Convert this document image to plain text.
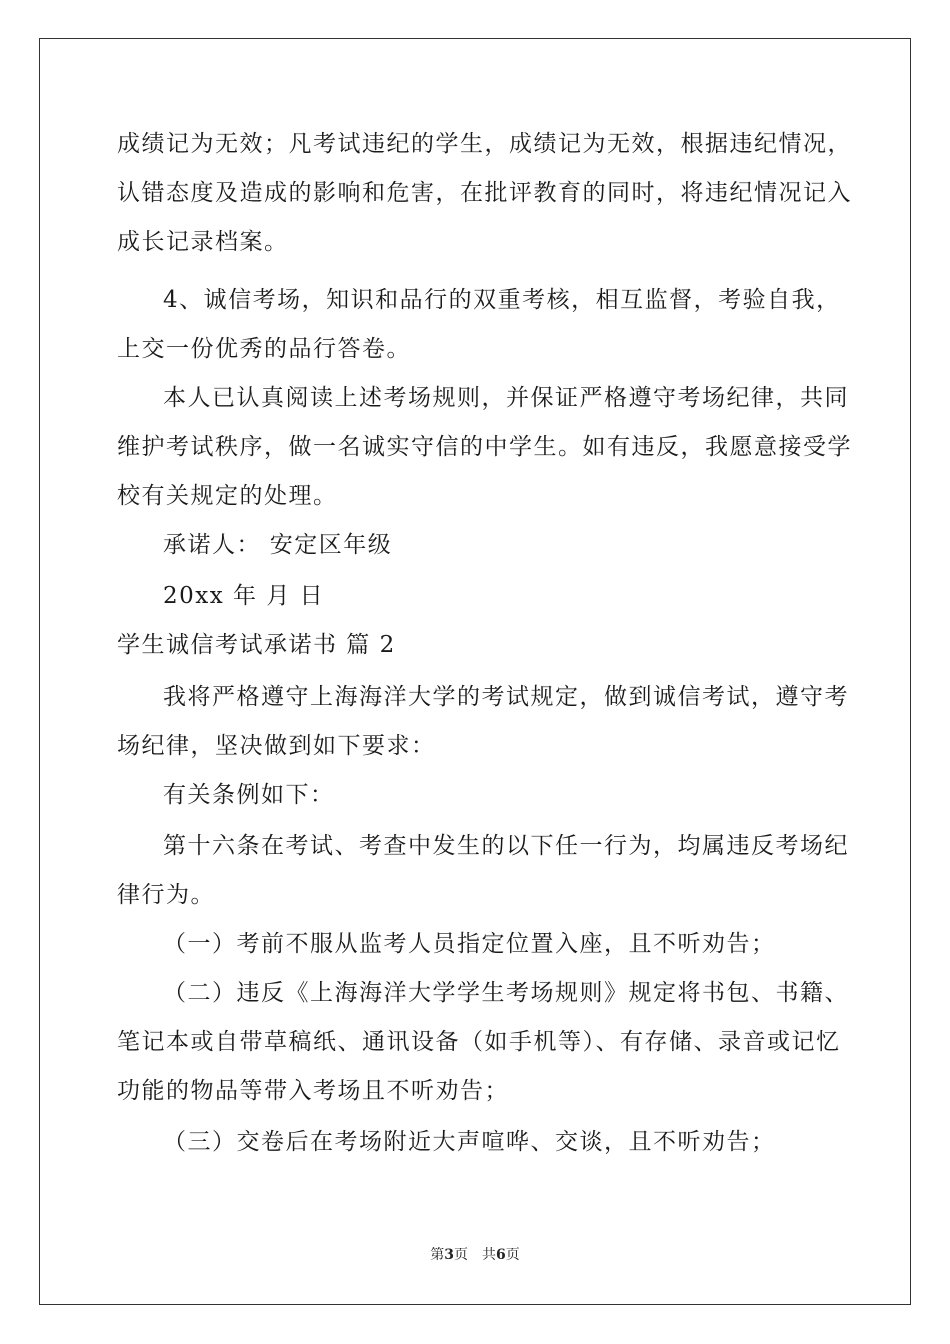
成绩记为无效；凡考试违纪的学生，成绩记为无效，根据违纪情况，
认错态度及造成的影响和危害，在批评教育的同时，将违纪情况记入
成长记录档案。
4、诚信考场，知识和品行的双重考核，相互监督，考验自我，
上交一份优秀的品行答卷。
本人已认真阅读上述考场规则，并保证严格遵守考场纪律，共同
维护考试秩序，做一名诚实守信的中学生。如有违反，我愿意接受学
校有关规定的处理。
承诺人： 安定区年级
20xx 年 月 日
学生诚信考试承诺书 篇 2
我将严格遵守上海海洋大学的考试规定，做到诚信考试，遵守考
场纪律，坚决做到如下要求：
有关条例如下：
第十六条在考试、考查中发生的以下任一行为，均属违反考场纪
律行为。
（一）考前不服从监考人员指定位置入座，且不听劝告；
（二）违反《上海海洋大学学生考场规则》规定将书包、书籍、
笔记本或自带草稿纸、通讯设备（如手机等）、有存储、录音或记忆
功能的物品等带入考场且不听劝告；
（三）交卷后在考场附近大声喧哗、交谈，且不听劝告；
第3页 共6页
